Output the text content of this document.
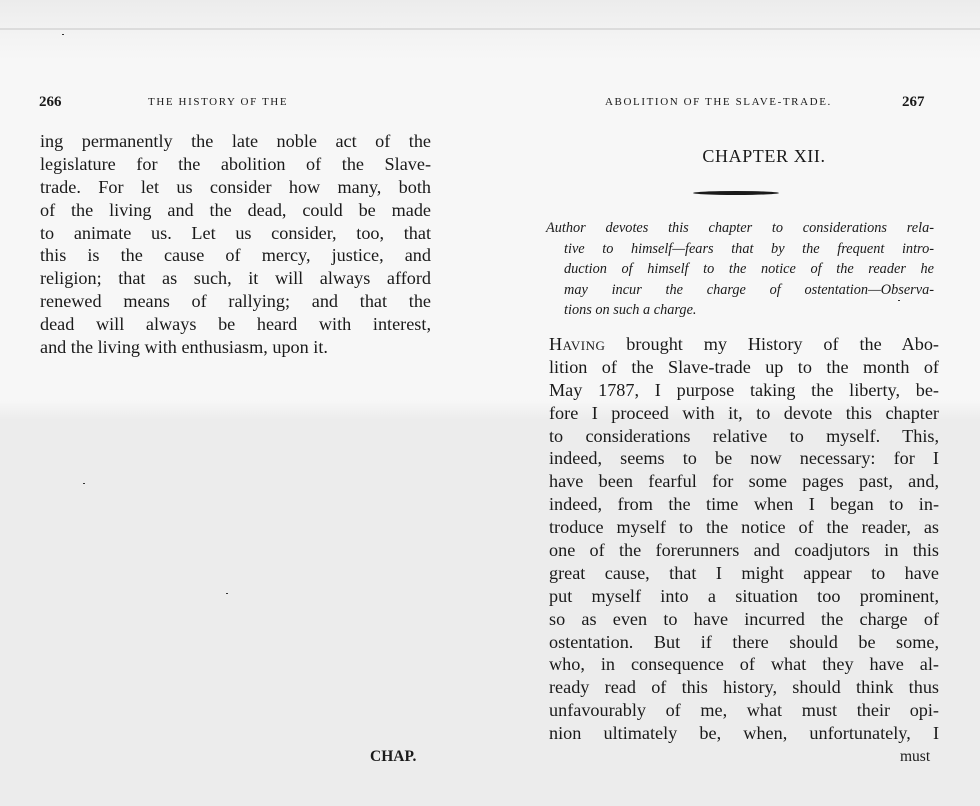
266	THE HISTORY OF THE
ing permanently the late noble act of the
legislature for the abolition of the Slave-
trade. For let us consider how many, both
of the living and the dead, could be made
to animate us. Let us consider, too, that
this is the cause of mercy, justice, and
religion; that as such, it will always afford
renewed means of rallying; and that the
dead will always be heard with interest,
and the living with enthusiasm, upon it.
CHAP.
ABOLITION OF THE SLAVE-TRADE.	267
CHAPTER XII.
Author devotes this chapter to considerations rela-
tive to himself—fears that by the frequent intro-
duction of himself to the notice of the reader he
may incur the charge of ostentation—Observa-
tions on such a charge.
Having brought my History of the Abo-
lition of the Slave-trade up to the month of
May 1787, I purpose taking the liberty, be-
fore I proceed with it, to devote this chapter
to considerations relative to myself. This,
indeed, seems to be now necessary: for I
have been fearful for some pages past, and,
indeed, from the time when I began to in-
troduce myself to the notice of the reader, as
one of the forerunners and coadjutors in this
great cause, that I might appear to have
put myself into a situation too prominent,
so as even to have incurred the charge of
ostentation. But if there should be some,
who, in consequence of what they have al-
ready read of this history, should think thus
unfavourably of me, what must their opi-
nion ultimately be, when, unfortunately, I
must
